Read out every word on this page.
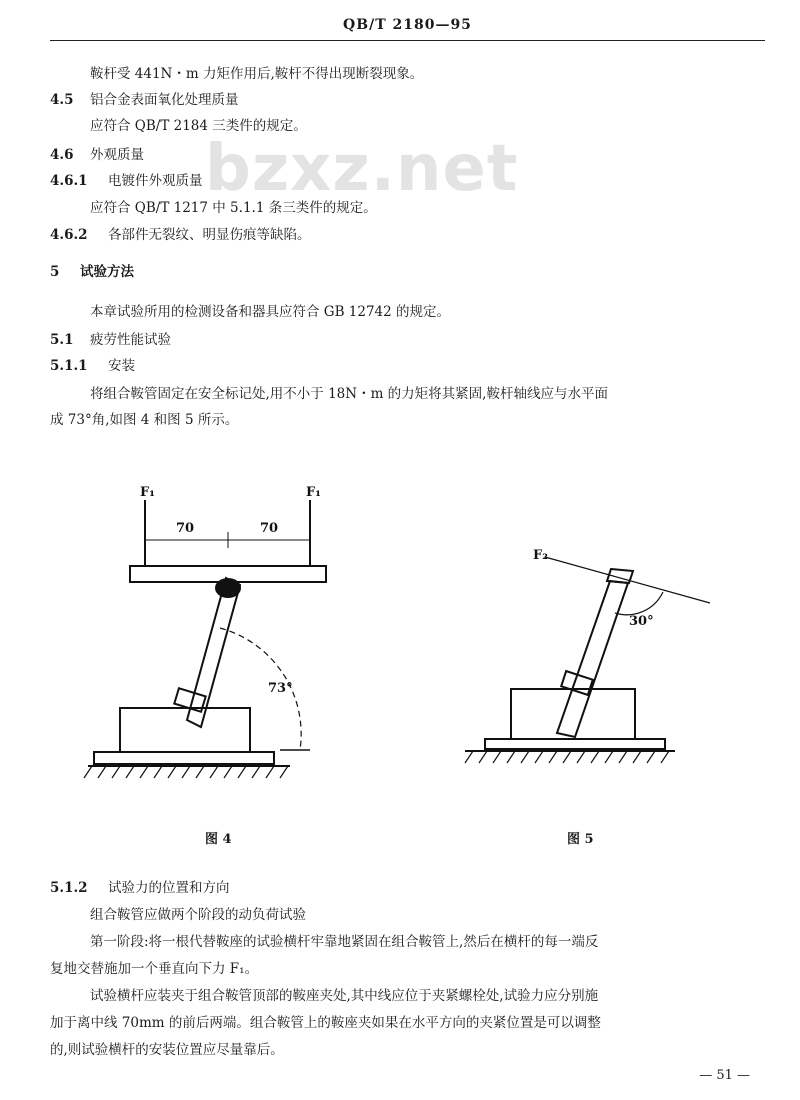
QB/T 2180—95
bzxz.net
鞍杆受 441N・m 力矩作用后,鞍杆不得出现断裂现象。
4.5 铝合金表面氧化处理质量
应符合 QB/T 2184 三类件的规定。
4.6 外观质量
4.6.1 电镀件外观质量
应符合 QB/T 1217 中 5.1.1 条三类件的规定。
4.6.2 各部件无裂纹、明显伤痕等缺陷。
5 试验方法
本章试验所用的检测设备和器具应符合 GB 12742 的规定。
5.1 疲劳性能试验
5.1.1 安装
将组合鞍管固定在安全标记处,用不小于 18N・m 的力矩将其紧固,鞍杆轴线应与水平面
成 73°角,如图 4 和图 5 所示。
F₁	F₁
70	70
73°
F₂
30°
图 4	图 5
5.1.2 试验力的位置和方向
组合鞍管应做两个阶段的动负荷试验
第一阶段:将一根代替鞍座的试验横杆牢靠地紧固在组合鞍管上,然后在横杆的每一端反
复地交替施加一个垂直向下力 F₁。
试验横杆应装夹于组合鞍管顶部的鞍座夹处,其中线应位于夹紧螺栓处,试验力应分别施
加于离中线 70mm 的前后两端。组合鞍管上的鞍座夹如果在水平方向的夹紧位置是可以调整
的,则试验横杆的安装位置应尽量靠后。
— 51 —
